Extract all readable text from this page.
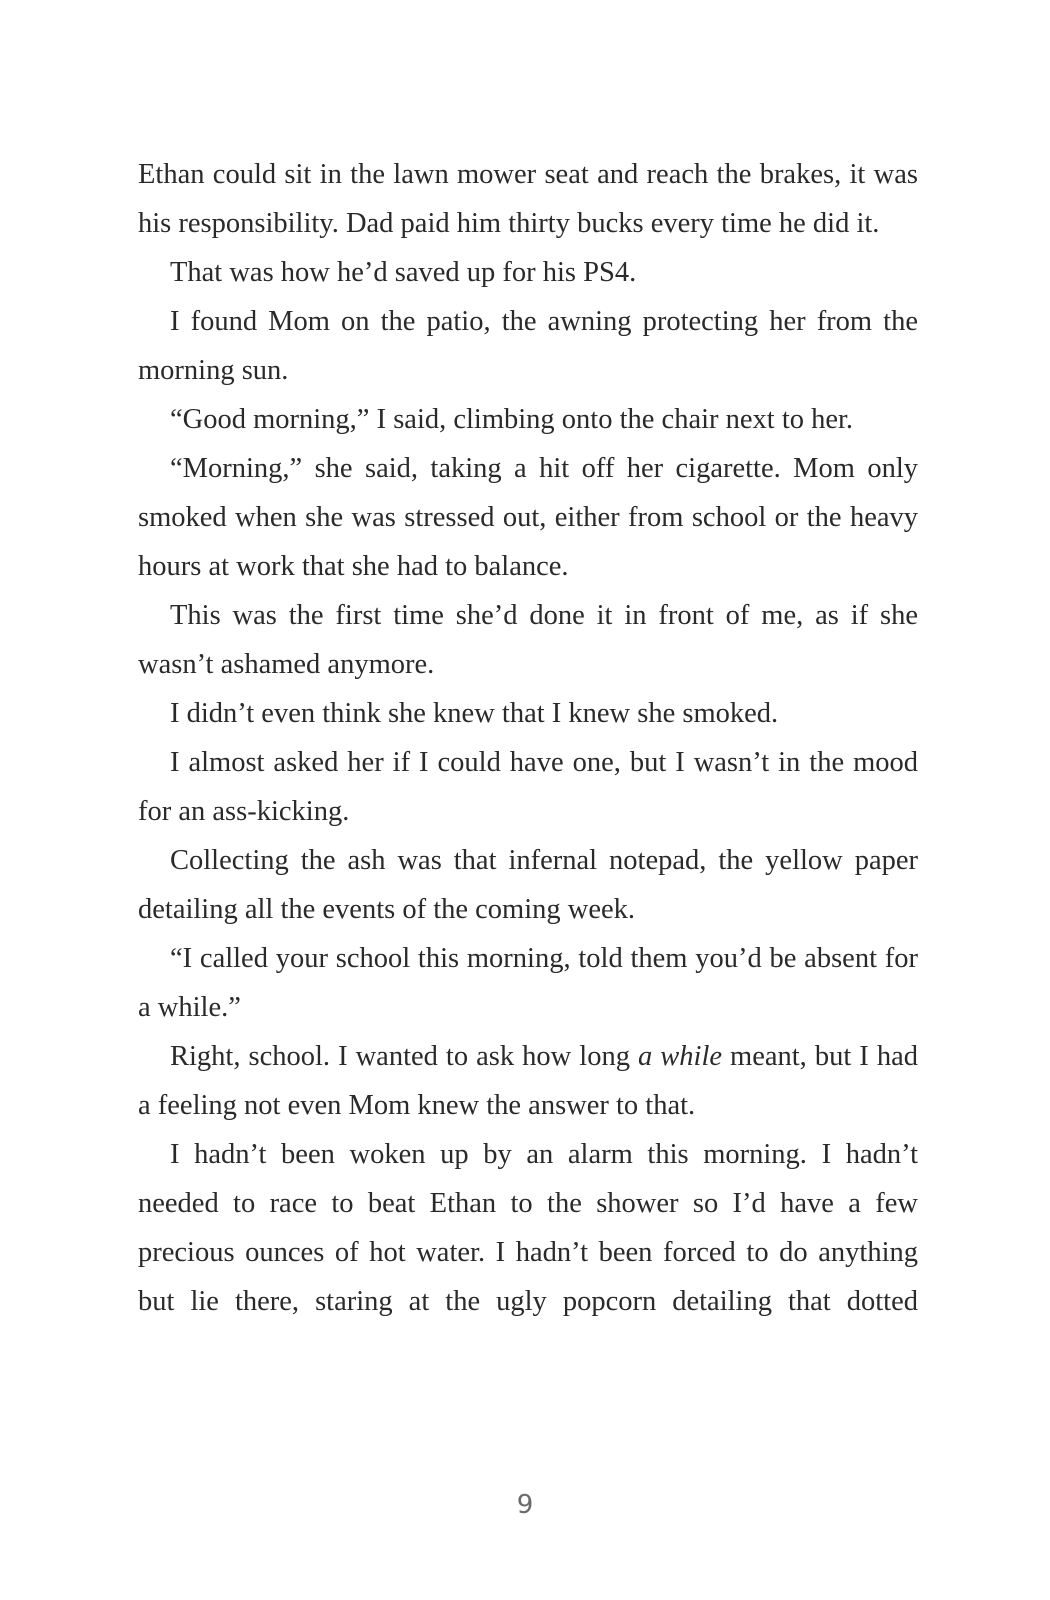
Ethan could sit in the lawn mower seat and reach the brakes, it was his responsibility. Dad paid him thirty bucks every time he did it.

That was how he’d saved up for his PS4.

I found Mom on the patio, the awning protecting her from the morning sun.

“Good morning,” I said, climbing onto the chair next to her.

“Morning,” she said, taking a hit off her cigarette. Mom only smoked when she was stressed out, either from school or the heavy hours at work that she had to balance.

This was the first time she’d done it in front of me, as if she wasn’t ashamed anymore.

I didn’t even think she knew that I knew she smoked.

I almost asked her if I could have one, but I wasn’t in the mood for an ass-kicking.

Collecting the ash was that infernal notepad, the yellow paper detailing all the events of the coming week.

“I called your school this morning, told them you’d be absent for a while.”

Right, school. I wanted to ask how long a while meant, but I had a feeling not even Mom knew the answer to that.

I hadn’t been woken up by an alarm this morning. I hadn’t needed to race to beat Ethan to the shower so I’d have a few precious ounces of hot water. I hadn’t been forced to do anything but lie there, staring at the ugly popcorn detailing that dotted

9
